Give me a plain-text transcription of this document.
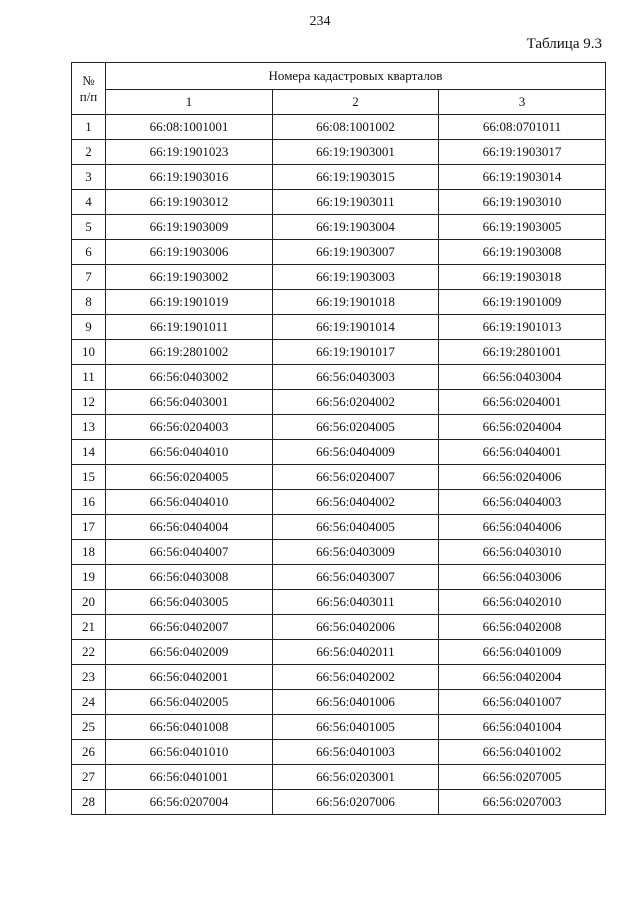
234
Таблица 9.3
№
п/п	Номера кадастровых кварталов		
	1	2	3
1	66:08:1001001	66:08:1001002	66:08:0701011
2	66:19:1901023	66:19:1903001	66:19:1903017
3	66:19:1903016	66:19:1903015	66:19:1903014
4	66:19:1903012	66:19:1903011	66:19:1903010
5	66:19:1903009	66:19:1903004	66:19:1903005
6	66:19:1903006	66:19:1903007	66:19:1903008
7	66:19:1903002	66:19:1903003	66:19:1903018
8	66:19:1901019	66:19:1901018	66:19:1901009
9	66:19:1901011	66:19:1901014	66:19:1901013
10	66:19:2801002	66:19:1901017	66:19:2801001
11	66:56:0403002	66:56:0403003	66:56:0403004
12	66:56:0403001	66:56:0204002	66:56:0204001
13	66:56:0204003	66:56:0204005	66:56:0204004
14	66:56:0404010	66:56:0404009	66:56:0404001
15	66:56:0204005	66:56:0204007	66:56:0204006
16	66:56:0404010	66:56:0404002	66:56:0404003
17	66:56:0404004	66:56:0404005	66:56:0404006
18	66:56:0404007	66:56:0403009	66:56:0403010
19	66:56:0403008	66:56:0403007	66:56:0403006
20	66:56:0403005	66:56:0403011	66:56:0402010
21	66:56:0402007	66:56:0402006	66:56:0402008
22	66:56:0402009	66:56:0402011	66:56:0401009
23	66:56:0402001	66:56:0402002	66:56:0402004
24	66:56:0402005	66:56:0401006	66:56:0401007
25	66:56:0401008	66:56:0401005	66:56:0401004
26	66:56:0401010	66:56:0401003	66:56:0401002
27	66:56:0401001	66:56:0203001	66:56:0207005
28	66:56:0207004	66:56:0207006	66:56:0207003
